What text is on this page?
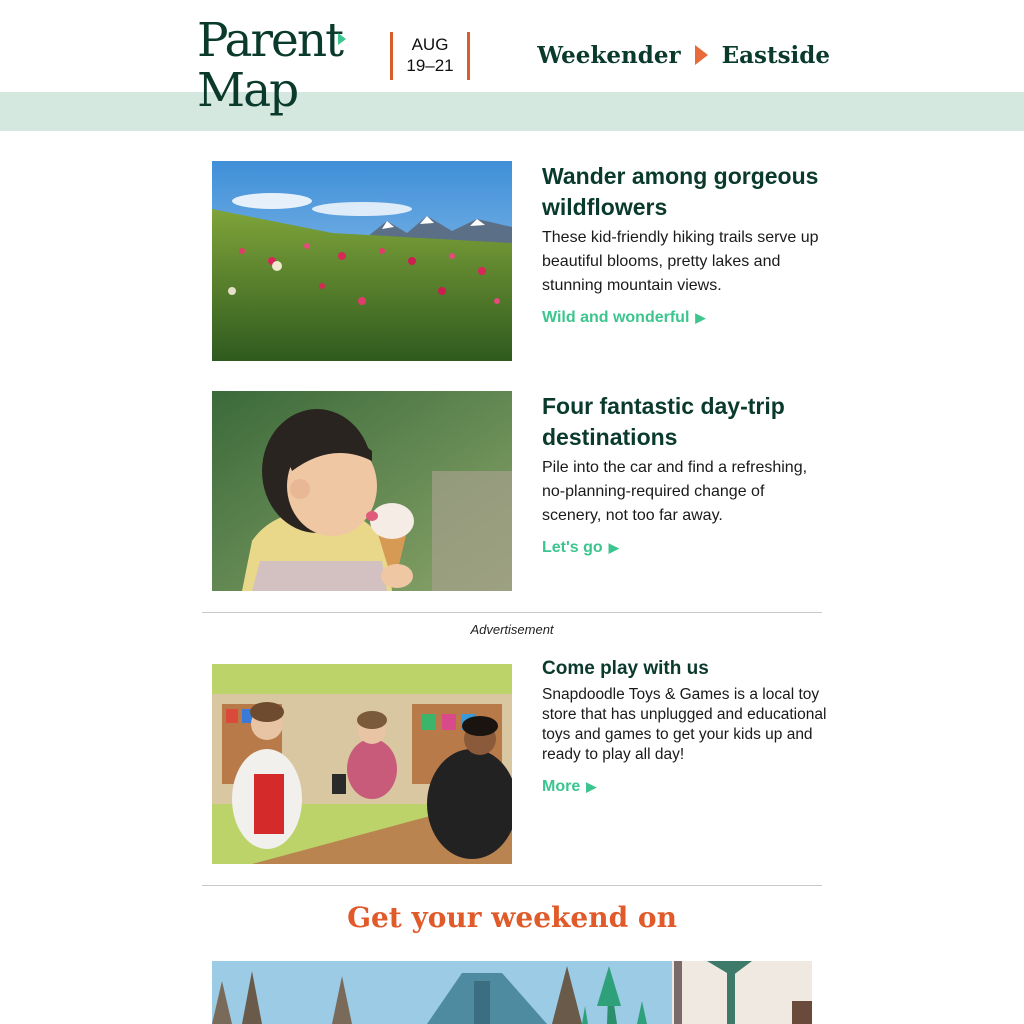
Parent
Map
AUG
19–21	Weekender Eastside
Wander among gorgeous wildflowers

These kid-friendly hiking trails serve up beautiful blooms, pretty lakes and stunning mountain views.

Wild and wonderful ▶
Four fantastic day-trip destinations

Pile into the car and find a refreshing, no-planning-required change of scenery, not too far away.

Let's go ▶
Advertisement
Come play with us

Snapdoodle Toys & Games is a local toy store that has unplugged and educational toys and games to get your kids up and ready to play all day!

More ▶
Get your weekend on
